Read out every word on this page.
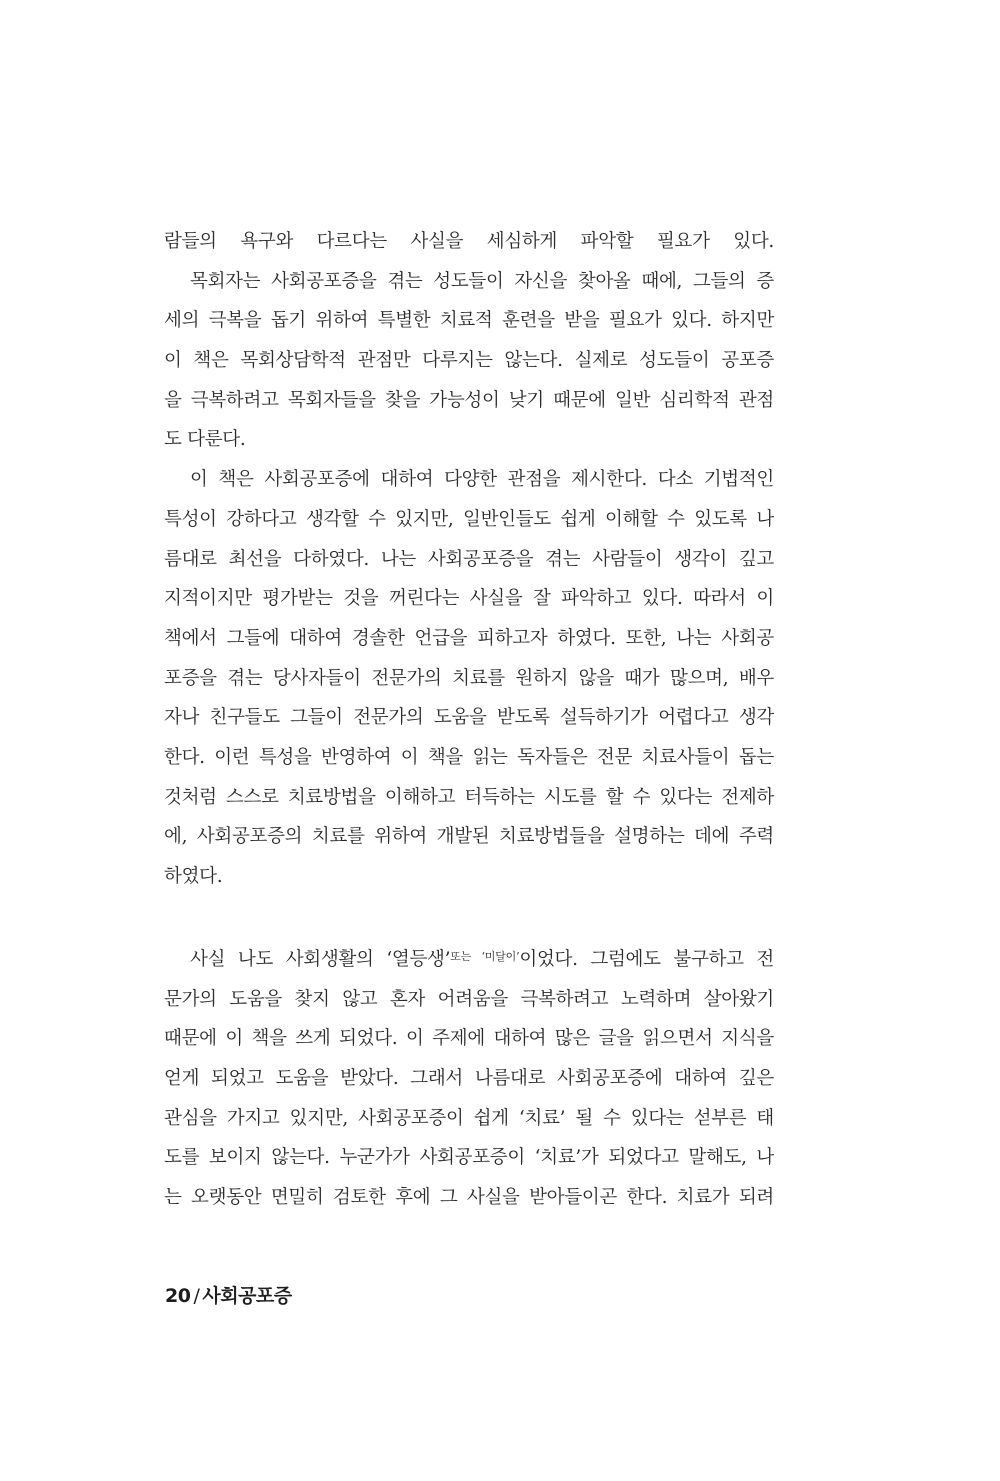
람들의 욕구와 다르다는 사실을 세심하게 파악할 필요가 있다.
목회자는 사회공포증을 겪는 성도들이 자신을 찾아올 때에, 그들의 증
세의 극복을 돕기 위하여 특별한 치료적 훈련을 받을 필요가 있다. 하지만
이 책은 목회상담학적 관점만 다루지는 않는다. 실제로 성도들이 공포증
을 극복하려고 목회자들을 찾을 가능성이 낮기 때문에 일반 심리학적 관점
도 다룬다.
이 책은 사회공포증에 대하여 다양한 관점을 제시한다. 다소 기법적인
특성이 강하다고 생각할 수 있지만, 일반인들도 쉽게 이해할 수 있도록 나
름대로 최선을 다하였다. 나는 사회공포증을 겪는 사람들이 생각이 깊고
지적이지만 평가받는 것을 꺼린다는 사실을 잘 파악하고 있다. 따라서 이
책에서 그들에 대하여 경솔한 언급을 피하고자 하였다. 또한, 나는 사회공
포증을 겪는 당사자들이 전문가의 치료를 원하지 않을 때가 많으며, 배우
자나 친구들도 그들이 전문가의 도움을 받도록 설득하기가 어렵다고 생각
한다. 이런 특성을 반영하여 이 책을 읽는 독자들은 전문 치료사들이 돕는
것처럼 스스로 치료방법을 이해하고 터득하는 시도를 할 수 있다는 전제하
에, 사회공포증의 치료를 위하여 개발된 치료방법들을 설명하는 데에 주력
하였다.
사실 나도 사회생활의 ‘열등생’$^{또는 ‘미달이’}$이었다. 그럼에도 불구하고 전
문가의 도움을 찾지 않고 혼자 어려움을 극복하려고 노력하며 살아왔기
때문에 이 책을 쓰게 되었다. 이 주제에 대하여 많은 글을 읽으면서 지식을
얻게 되었고 도움을 받았다. 그래서 나름대로 사회공포증에 대하여 깊은
관심을 가지고 있지만, 사회공포증이 쉽게 ‘치료’ 될 수 있다는 섣부른 태
도를 보이지 않는다. 누군가가 사회공포증이 ‘치료’가 되었다고 말해도, 나
는 오랫동안 면밀히 검토한 후에 그 사실을 받아들이곤 한다. 치료가 되려
20 / 사회공포증
